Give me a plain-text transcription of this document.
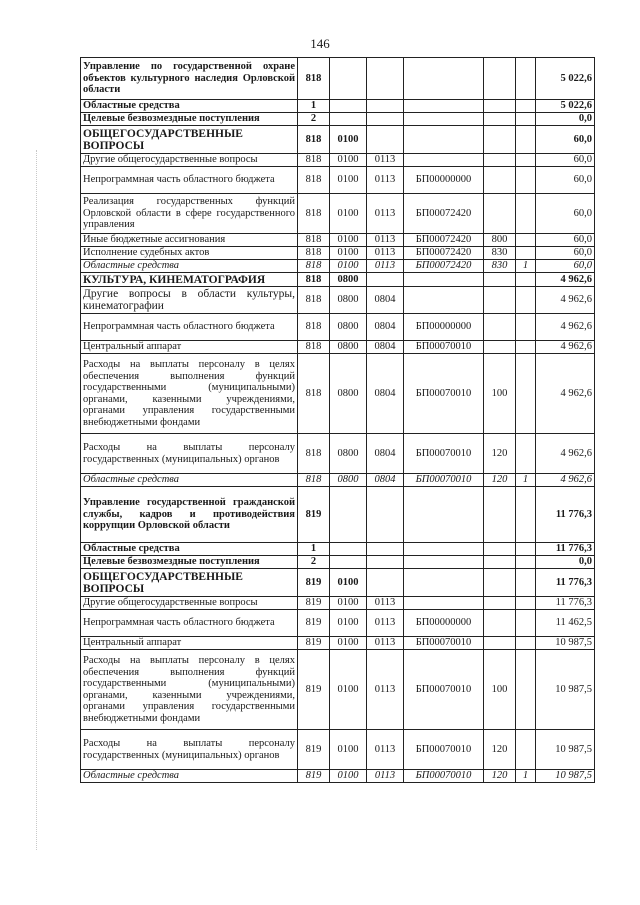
146
Управление по государственной охране объектов культурного наследия Орловской области	818						5 022,6
Областные средства	1						5 022,6
Целевые безвозмездные поступления	2						0,0
ОБЩЕГОСУДАРСТВЕННЫЕ ВОПРОСЫ	818	0100					60,0
Другие общегосударственные вопросы	818	0100	0113				60,0
Непрограммная часть областного бюджета	818	0100	0113	БП00000000			60,0
Реализация государственных функций Орловской области в сфере государственного управления	818	0100	0113	БП00072420			60,0
Иные бюджетные ассигнования	818	0100	0113	БП00072420	800		60,0
Исполнение судебных актов	818	0100	0113	БП00072420	830		60,0
Областные средства	818	0100	0113	БП00072420	830	1	60,0
КУЛЬТУРА, КИНЕМАТОГРАФИЯ	818	0800					4 962,6
Другие вопросы в области культуры, кинематографии	818	0800	0804				4 962,6
Непрограммная часть областного бюджета	818	0800	0804	БП00000000			4 962,6
Центральный аппарат	818	0800	0804	БП00070010			4 962,6
Расходы на выплаты персоналу в целях обеспечения выполнения функций государственными (муниципальными) органами, казенными учреждениями, органами управления государственными внебюджетными фондами	818	0800	0804	БП00070010	100		4 962,6
Расходы на выплаты персоналу государственных (муниципальных) органов	818	0800	0804	БП00070010	120		4 962,6
Областные средства	818	0800	0804	БП00070010	120	1	4 962,6
Управление государственной гражданской службы, кадров и противодействия коррупции Орловской области	819						11 776,3
Областные средства	1						11 776,3
Целевые безвозмездные поступления	2						0,0
ОБЩЕГОСУДАРСТВЕННЫЕ ВОПРОСЫ	819	0100					11 776,3
Другие общегосударственные вопросы	819	0100	0113				11 776,3
Непрограммная часть областного бюджета	819	0100	0113	БП00000000			11 462,5
Центральный аппарат	819	0100	0113	БП00070010			10 987,5
Расходы на выплаты персоналу в целях обеспечения выполнения функций государственными (муниципальными) органами, казенными учреждениями, органами управления государственными внебюджетными фондами	819	0100	0113	БП00070010	100		10 987,5
Расходы на выплаты персоналу государственных (муниципальных) органов	819	0100	0113	БП00070010	120		10 987,5
Областные средства	819	0100	0113	БП00070010	120	1	10 987,5
